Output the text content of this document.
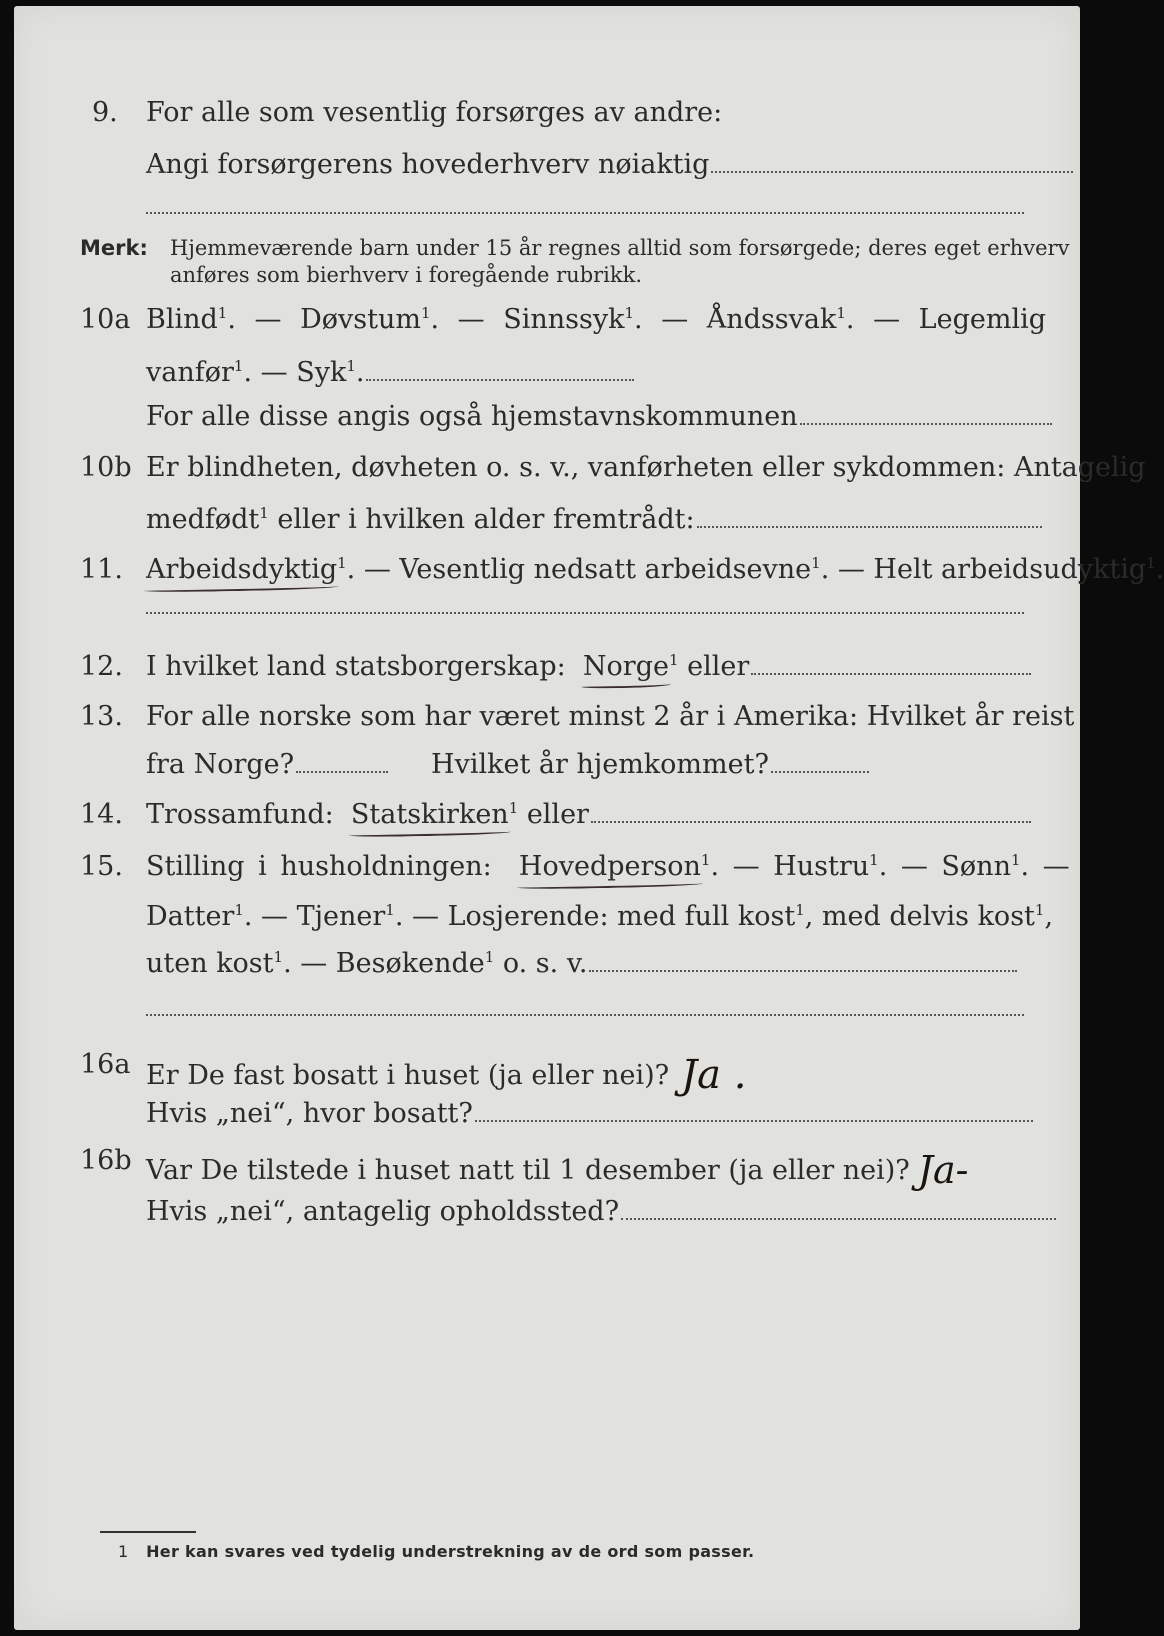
9. For alle som vesentlig forsørges av andre:
Angi forsørgerens hovederhverv nøiaktig
Merk: Hjemmeværende barn under 15 år regnes alltid som forsørgede; deres eget erhverv
anføres som bierhverv i foregående rubrikk.
10a Blind$^1$. — Døvstum$^1$. — Sinnssyk$^1$. — Åndssvak$^1$. — Legemlig
vanfør$^1$. — Syk$^1$.
For alle disse angis også hjemstavnskommunen
10b Er blindheten, døvheten o. s. v., vanførheten eller sykdommen: Antagelig
medfødt$^1$ eller i hvilken alder fremtrådt:
11. Arbeidsdyktig$^1$. — Vesentlig nedsatt arbeidsevne$^1$. — Helt arbeidsudyktig$^1$.
12. I hvilket land statsborgerskap: Norge$^1$ eller
13. For alle norske som har været minst 2 år i Amerika: Hvilket år reist
fra Norge?	Hvilket år hjemkommet?
14. Trossamfund: Statskirken$^1$ eller
15. Stilling i husholdningen: Hovedperson$^1$. — Hustru$^1$. — Sønn$^1$. —
Datter$^1$. — Tjener$^1$. — Losjerende: med full kost$^1$, med delvis kost$^1$,
uten kost$^1$. — Besøkende$^1$ o. s. v.
16a Er De fast bosatt i huset (ja eller nei)? Ja .
Hvis „nei“, hvor bosatt?
16b Var De tilstede i huset natt til 1 desember (ja eller nei)? Ja-
Hvis „nei“, antagelig opholdssted?
1 Her kan svares ved tydelig understrekning av de ord som passer.
